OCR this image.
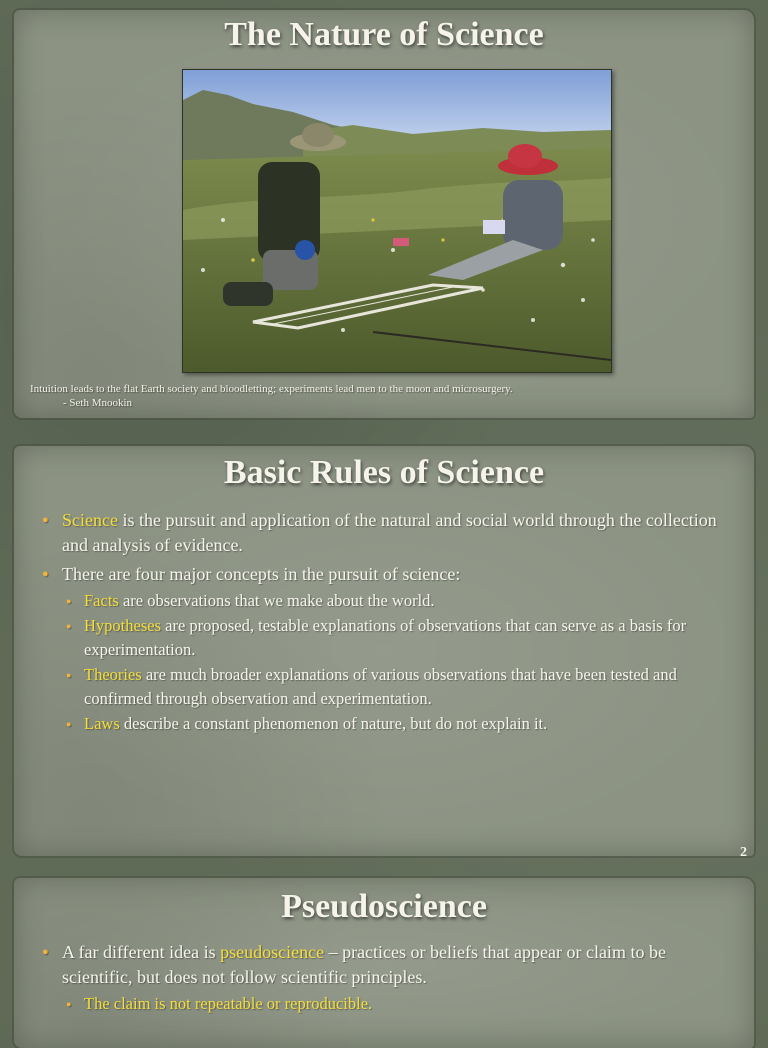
The Nature of Science
Intuition leads to the flat Earth society and bloodletting; experiments lead men to the moon and microsurgery.
- Seth Mnookin
Basic Rules of Science
● Science is the pursuit and application of the natural and social world through the collection and analysis of evidence.
● There are four major concepts in the pursuit of science:
● Facts are observations that we make about the world.
● Hypotheses are proposed, testable explanations of observations that can serve as a basis for experimentation.
● Theories are much broader explanations of various observations that have been tested and confirmed through observation and experimentation.
● Laws describe a constant phenomenon of nature, but do not explain it.
2
Pseudoscience
● A far different idea is pseudoscience – practices or beliefs that appear or claim to be scientific, but does not follow scientific principles.
● The claim is not repeatable or reproducible.
